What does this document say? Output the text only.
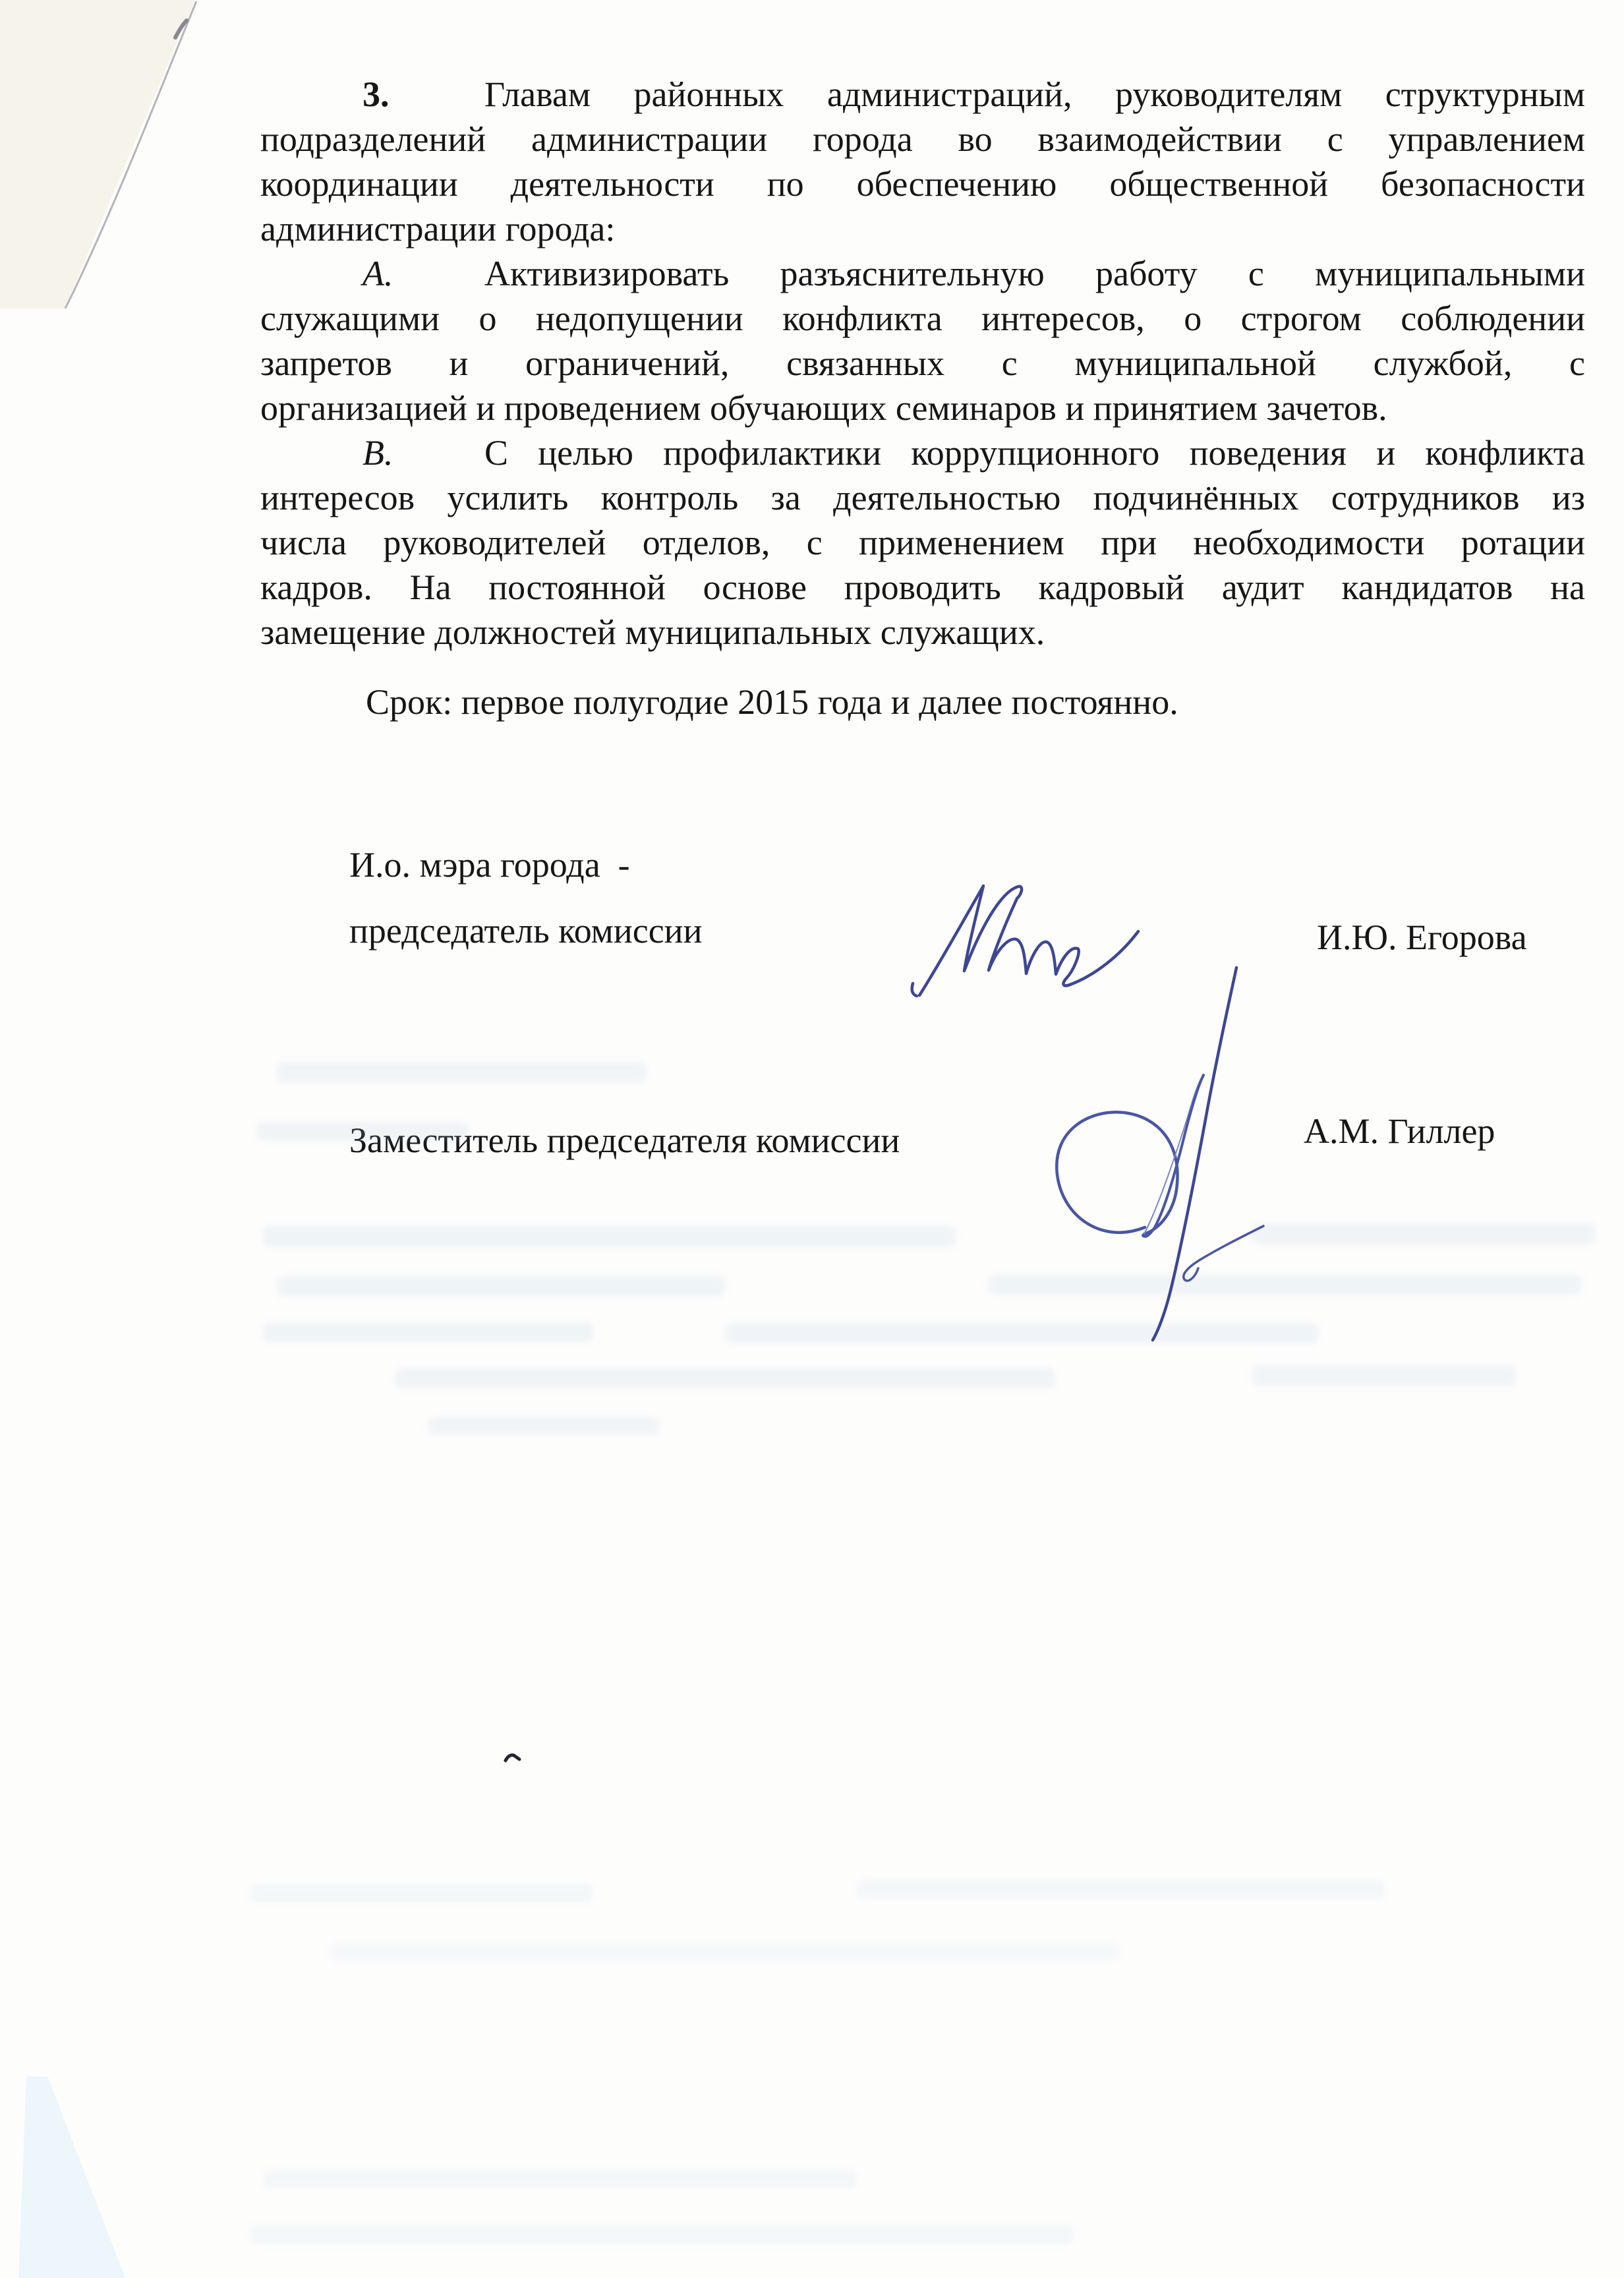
3.	Главам районных администраций, руководителям структурным
подразделений администрации города во взаимодействии с управлением
координации деятельности по обеспечению общественной безопасности
администрации города:
А.	Активизировать разъяснительную работу с муниципальными
служащими о недопущении конфликта интересов, о строгом соблюдении
запретов и ограничений, связанных с муниципальной службой, с
организацией и проведением обучающих семинаров и принятием зачетов.
В.	С целью профилактики коррупционного поведения и конфликта
интересов усилить контроль за деятельностью подчинённых сотрудников из
числа руководителей отделов, с применением при необходимости ротации
кадров. На постоянной основе проводить кадровый аудит кандидатов на
замещение должностей муниципальных служащих.
Срок: первое полугодие 2015 года и далее постоянно.
И.о. мэра города  -
председатель комиссии	И.Ю. Егорова
Заместитель председателя комиссии	А.М. Гиллер
